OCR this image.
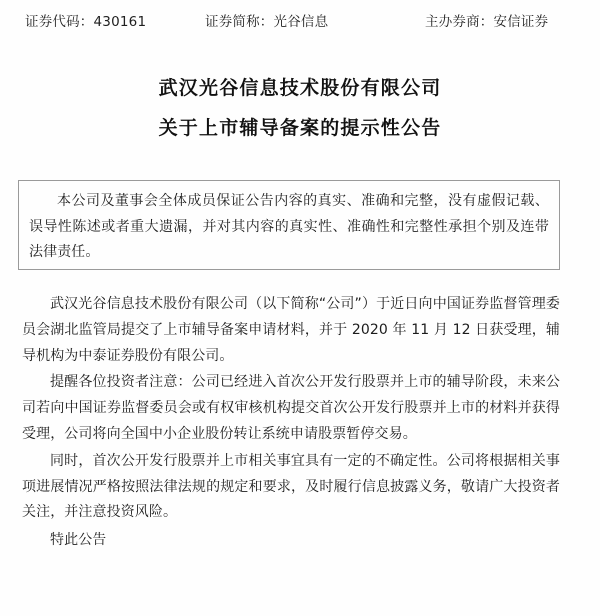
证券代码：430161	证券简称：光谷信息	主办券商：安信证券
武汉光谷信息技术股份有限公司
关于上市辅导备案的提示性公告

本公司及董事会全体成员保证公告内容的真实、准确和完整，没有虚假记载、误导性陈述或者重大遗漏，并对其内容的真实性、准确性和完整性承担个别及连带法律责任。

武汉光谷信息技术股份有限公司（以下简称“公司”）于近日向中国证券监督管理委员会湖北监管局提交了上市辅导备案申请材料，并于 2020 年 11 月 12 日获受理，辅导机构为中泰证券股份有限公司。

提醒各位投资者注意：公司已经进入首次公开发行股票并上市的辅导阶段，未来公司若向中国证券监督委员会或有权审核机构提交首次公开发行股票并上市的材料并获得受理，公司将向全国中小企业股份转让系统申请股票暂停交易。

同时，首次公开发行股票并上市相关事宜具有一定的不确定性。公司将根据相关事项进展情况严格按照法律法规的规定和要求，及时履行信息披露义务，敬请广大投资者关注，并注意投资风险。

特此公告
